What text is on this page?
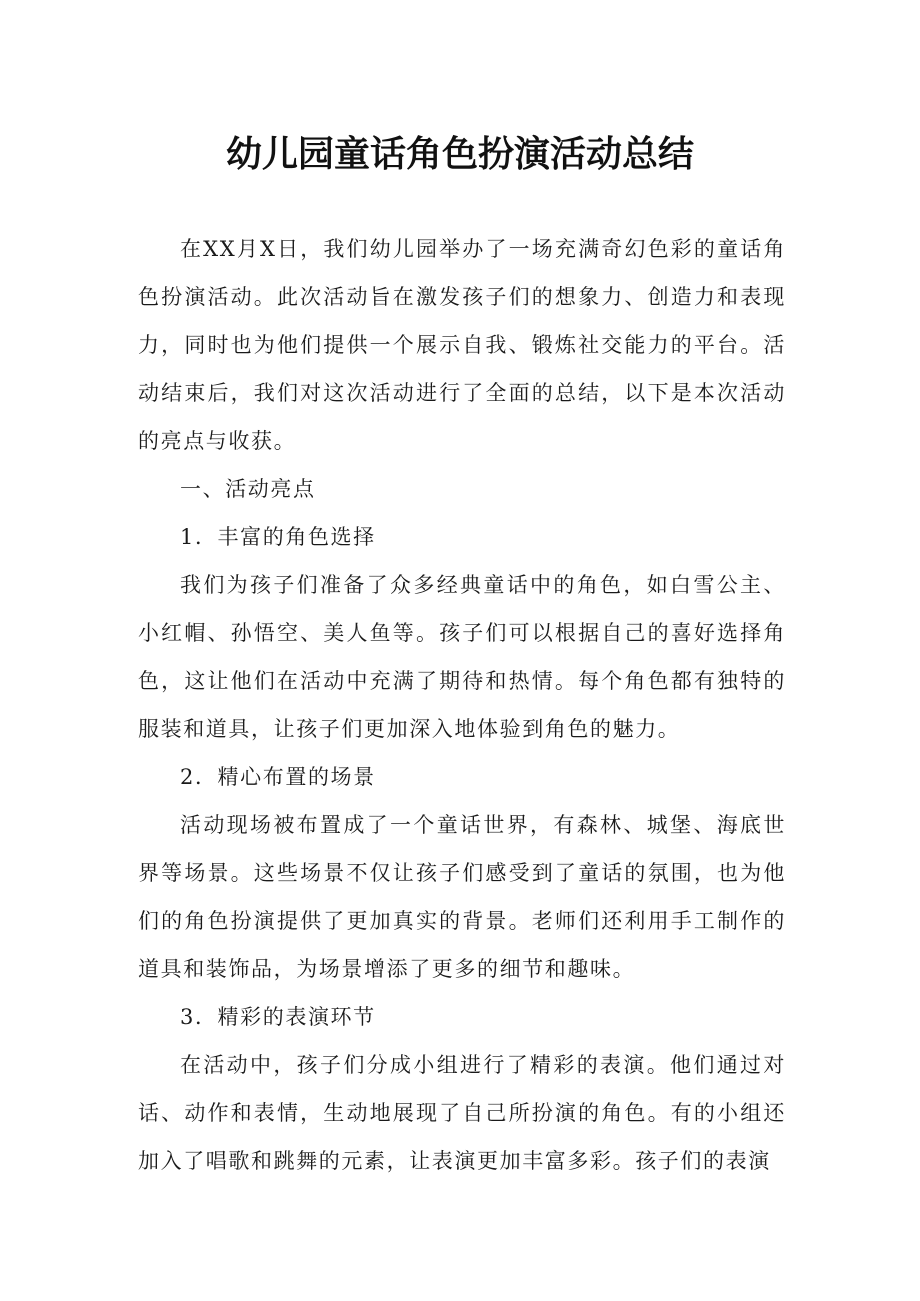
幼儿园童话角色扮演活动总结

在XX月X日，我们幼儿园举办了一场充满奇幻色彩的童话角色扮演活动。此次活动旨在激发孩子们的想象力、创造力和表现力，同时也为他们提供一个展示自我、锻炼社交能力的平台。活动结束后，我们对这次活动进行了全面的总结，以下是本次活动的亮点与收获。

一、活动亮点

1．丰富的角色选择

我们为孩子们准备了众多经典童话中的角色，如白雪公主、小红帽、孙悟空、美人鱼等。孩子们可以根据自己的喜好选择角色，这让他们在活动中充满了期待和热情。每个角色都有独特的服装和道具，让孩子们更加深入地体验到角色的魅力。

2．精心布置的场景

活动现场被布置成了一个童话世界，有森林、城堡、海底世界等场景。这些场景不仅让孩子们感受到了童话的氛围，也为他们的角色扮演提供了更加真实的背景。老师们还利用手工制作的道具和装饰品，为场景增添了更多的细节和趣味。

3．精彩的表演环节

在活动中，孩子们分成小组进行了精彩的表演。他们通过对话、动作和表情，生动地展现了自己所扮演的角色。有的小组还加入了唱歌和跳舞的元素，让表演更加丰富多彩。孩子们的表演
